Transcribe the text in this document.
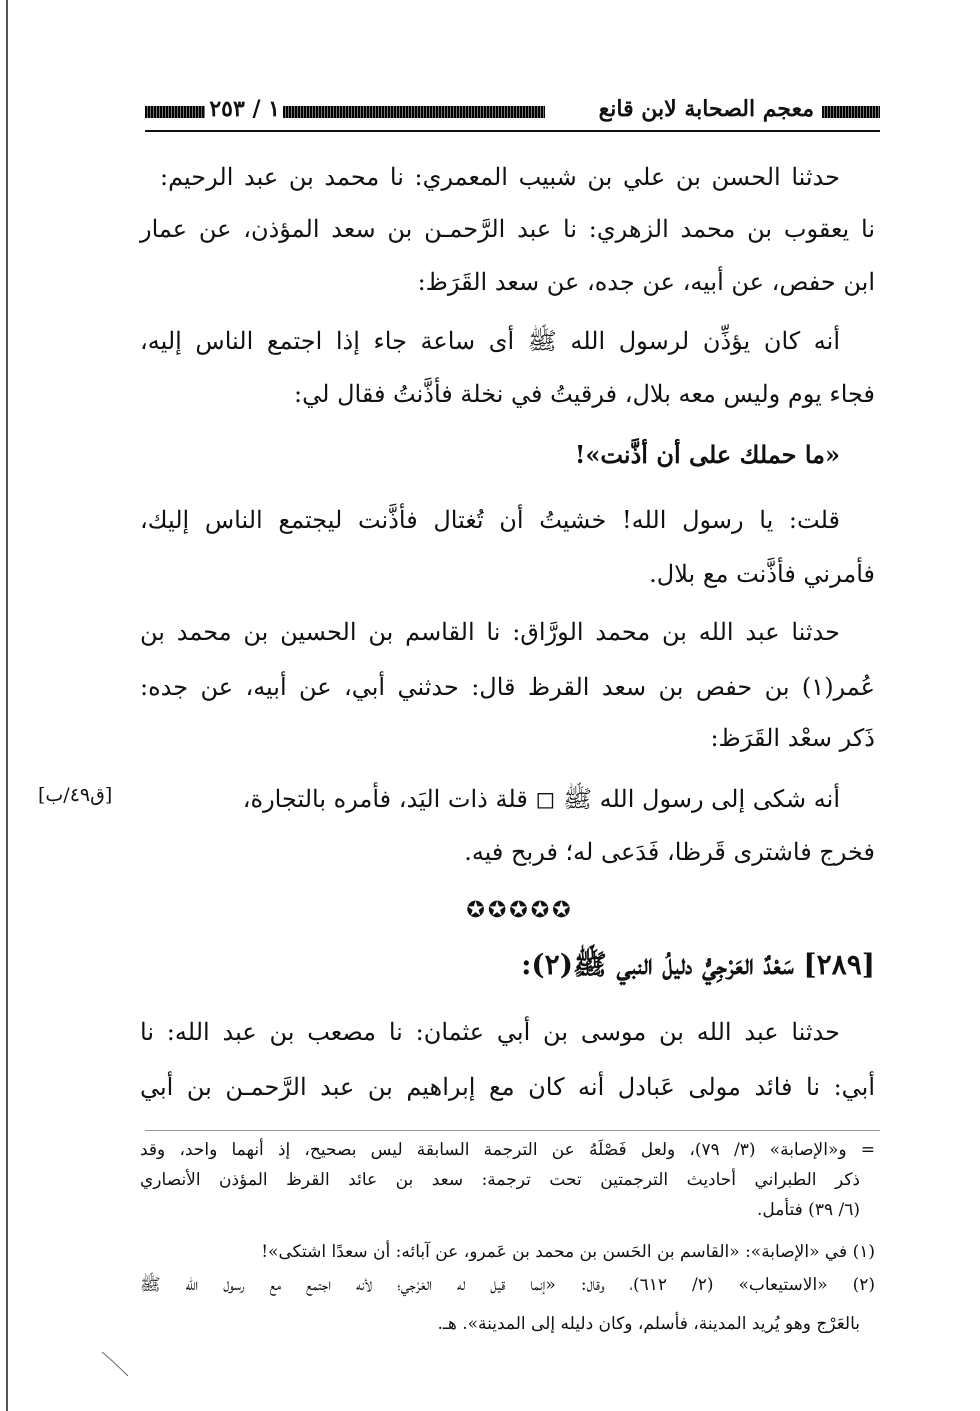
معجم الصحابة لابن قانع
١ / ٢٥٣
حدثنا الحسن بن علي بن شبيب المعمري: نا محمد بن عبد الرحيم:
نا يعقوب بن محمد الزهري: نا عبد الرَّحمـن بن سعد المؤذن، عن عمار
ابن حفص، عن أبيه، عن جده، عن سعد القَرَظ:
أنه كان يؤذِّن لرسول الله ﷺ أى ساعة جاء إذا اجتمع الناس إليه،
فجاء يوم وليس معه بلال، فرقيتُ في نخلة فأذَّنتُ فقال لي:
«ما حملك على أن أذَّنت»!
قلت: يا رسول الله! خشيتُ أن تُغتال فأذَّنت ليجتمع الناس إليك،
فأمرني فأذَّنت مع بلال.
حدثنا عبد الله بن محمد الورَّاق: نا القاسم بن الحسين بن محمد بن
عُمر(١) بن حفص بن سعد القرظ قال: حدثني أبي، عن أبيه، عن جده:
ذَكر سعْد القَرَظ:
أنه شكى إلى رسول الله ﷺ ◻ قلة ذات اليَد، فأمره بالتجارة،
[ق٤٩/ب]
فخرج فاشترى قَرظا، فَدَعى له؛ فربح فيه.
✪✪✪✪✪
[٢٨٩] سَعْدٌ العَرْجِيُّ دليلُ النبي ﷺ(٢):
حدثنا عبد الله بن موسى بن أبي عثمان: نا مصعب بن عبد الله: نا
أبي: نا فائد مولى عَبادل أنه كان مع إبراهيم بن عبد الرَّحمـن بن أبي
= و«الإصابة» (٣/ ٧٩)، ولعل فَصْلَهُ عن الترجمة السابقة ليس بصحيح، إذ أنهما واحد، وقد
ذكر الطبراني أحاديث الترجمتين تحت ترجمة: سعد بن عائد القرظ المؤذن الأنصاري
(٦/ ٣٩) فتأمل.
(١) في «الإصابة»: «القاسم بن الحَسن بن محمد بن عَمرو، عن آبائه: أن سعدًا اشتكى»!
(٢) «الاستيعاب» (٢/ ٦١٢)، وقال: «إنما قيل له العَرْجي؛ لأنه اجتمع مع رسول الله ﷺ
بالعَرْج وهو يُريد المدينة، فأسلم، وكان دليله إلى المدينة». هـ.
